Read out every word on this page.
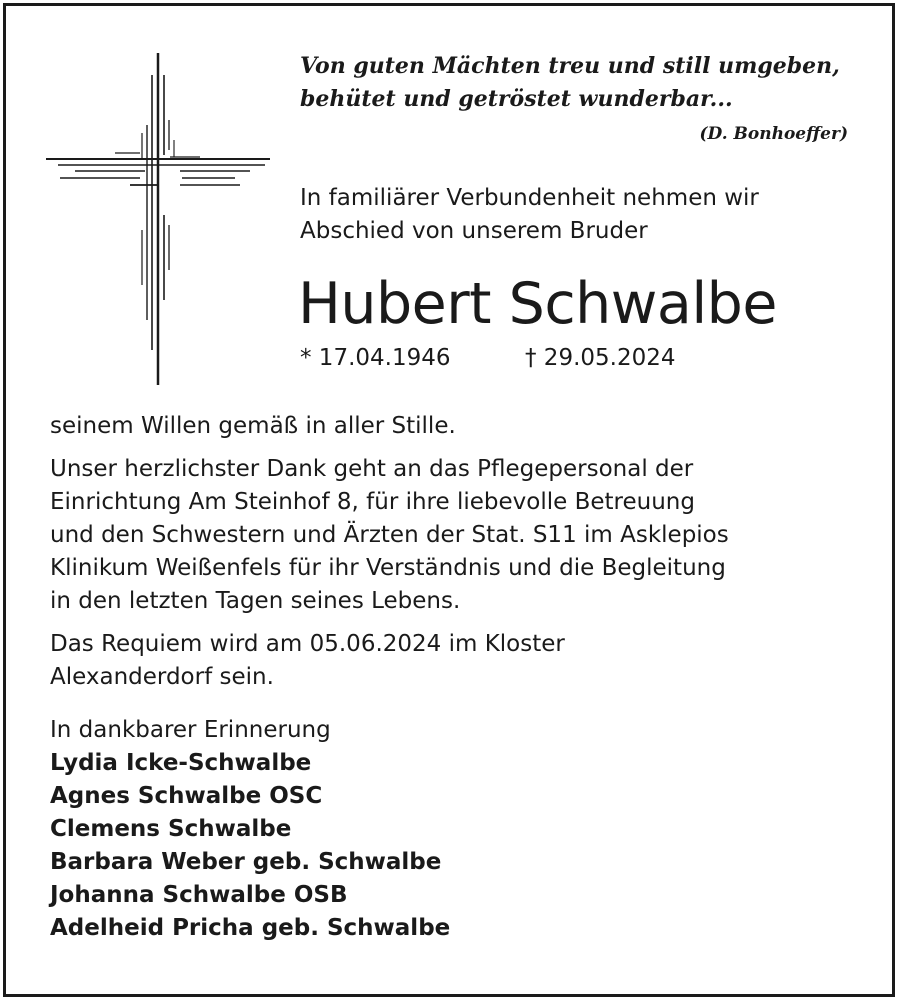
Von guten Mächten treu und still umgeben,
behütet und getröstet wunderbar...
(D. Bonhoeffer)
In familiärer Verbundenheit nehmen wir
Abschied von unserem Bruder
Hubert Schwalbe
* 17.04.1946	† 29.05.2024

seinem Willen gemäß in aller Stille.

Unser herzlichster Dank geht an das Pflegepersonal der
Einrichtung Am Steinhof 8, für ihre liebevolle Betreuung
und den Schwestern und Ärzten der Stat. S11 im Asklepios
Klinikum Weißenfels für ihr Verständnis und die Begleitung
in den letzten Tagen seines Lebens.

Das Requiem wird am 05.06.2024 im Kloster
Alexanderdorf sein.

In dankbarer Erinnerung
Lydia Icke-Schwalbe
Agnes Schwalbe OSC
Clemens Schwalbe
Barbara Weber geb. Schwalbe
Johanna Schwalbe OSB
Adelheid Pricha geb. Schwalbe
